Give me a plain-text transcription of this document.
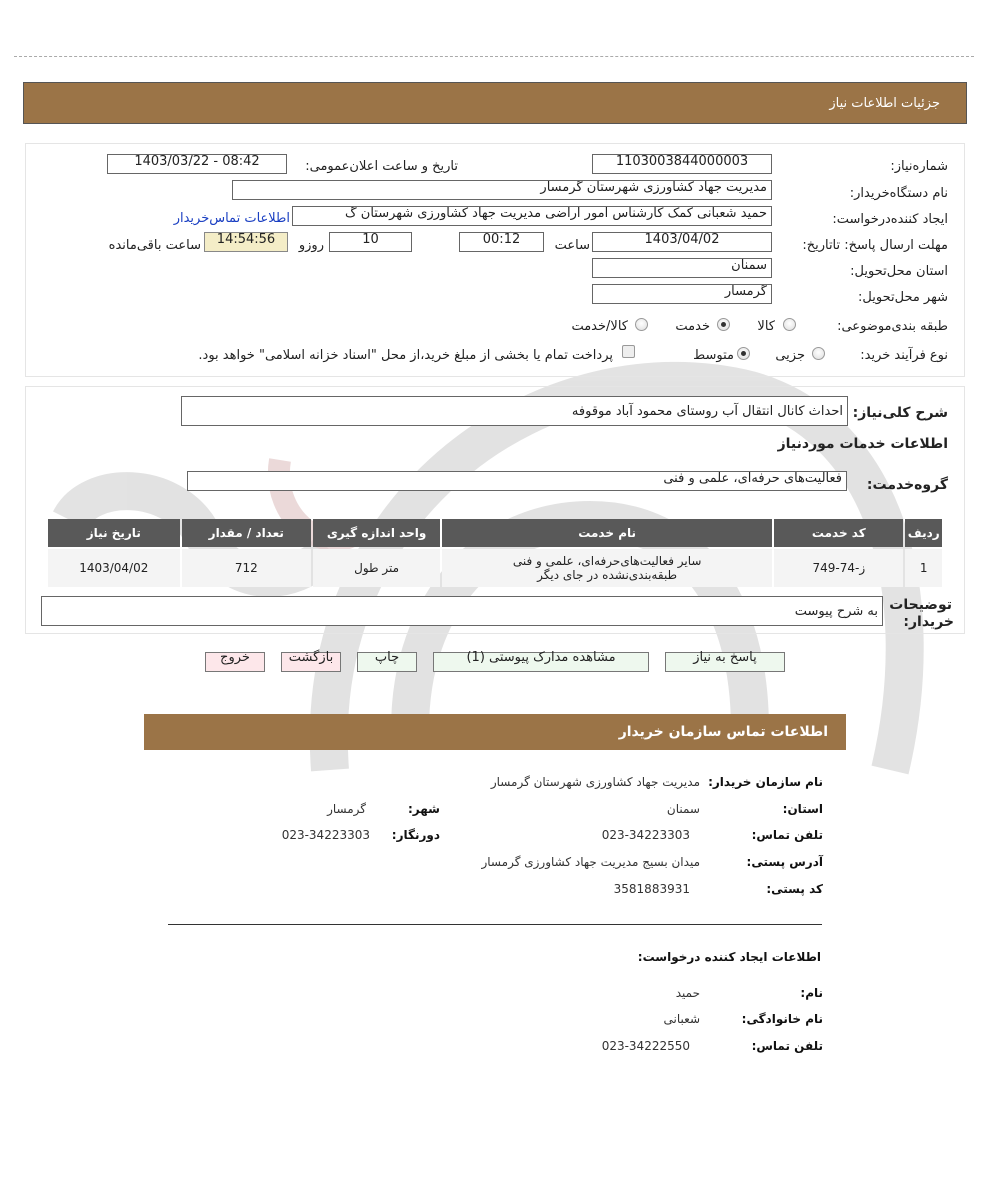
جزئیات اطلاعات نیاز
شماره‌نیاز:
1103003844000003
تاریخ و ساعت اعلان‌عمومی:
1403/03/22 - 08:42
نام دستگاه‌خریدار:
مدیریت جهاد کشاورزی شهرستان گرمسار
ایجاد کننده‌درخواست:
حمید شعبانی کمک کارشناس امور اراضی مدیریت جهاد کشاورزی شهرستان گ
اطلاعات تماس‌خریدار
مهلت ارسال پاسخ: تاتاریخ:
1403/04/02
ساعت
00:12
10
روزو
14:54:56
ساعت باقی‌مانده
استان محل‌تحویل:
سمنان
شهر محل‌تحویل:
گرمسار
طبقه بندی‌موضوعی:
کالا
خدمت
کالا/خدمت
نوع فرآیند خرید:
جزیی
متوسط
پرداخت تمام یا بخشی از مبلغ خرید،از محل "اسناد خزانه اسلامی" خواهد بود.
شرح کلی‌نیاز:
احداث کانال انتقال آب روستای محمود آباد موقوفه
اطلاعات خدمات موردنیاز
گروه‌خدمت:
فعالیت‌های حرفه‌ای، علمی و فنی
ردیف	کد خدمت	نام خدمت	واحد اندازه گیری	تعداد / مقدار	تاریخ نیاز
1	ز-74-749	سایر فعالیت‌های‌حرفه‌ای، علمی و فنی
طبقه‌بندی‌نشده در جای دیگر	متر طول	712	1403/04/02
توضیحات
خریدار:
به شرح پیوست
پاسخ به نیاز
مشاهده مدارک پیوستی (1)
چاپ
بازگشت
خروج
اطلاعات تماس سازمان خریدار
نام سازمان خریدار:
مدیریت جهاد کشاورزی شهرستان گرمسار
استان:
سمنان
شهر:
گرمسار
تلفن تماس:
023-34223303
دورنگار:
023-34223303
آدرس پستی:
میدان بسیج مدیریت جهاد کشاورزی گرمسار
کد پستی:
3581883931
اطلاعات ایجاد کننده درخواست:
نام:
حمید
نام خانوادگی:
شعبانی
تلفن تماس:
023-34222550
